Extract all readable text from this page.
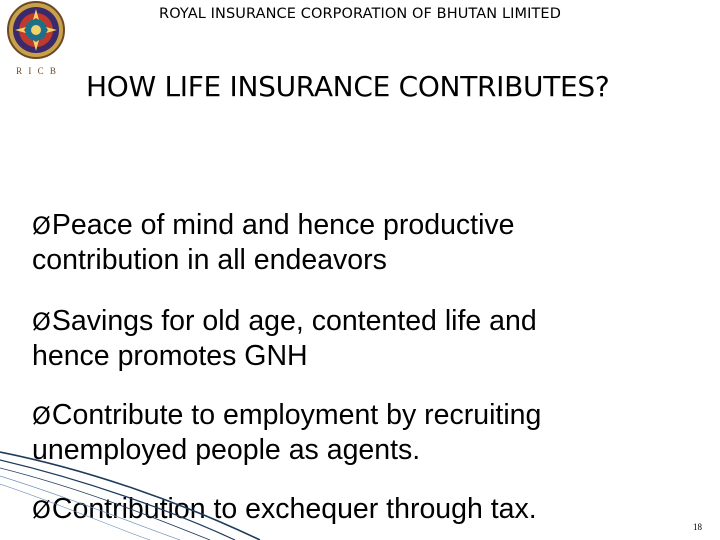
R I C B
ROYAL INSURANCE CORPORATION OF BHUTAN LIMITED
HOW LIFE INSURANCE CONTRIBUTES?
ØPeace of mind and hence productive
contribution in all endeavors
ØSavings for old age, contented life and
hence promotes GNH
ØContribute to employment by recruiting
unemployed people as agents.
ØContribution to exchequer through tax.
18
